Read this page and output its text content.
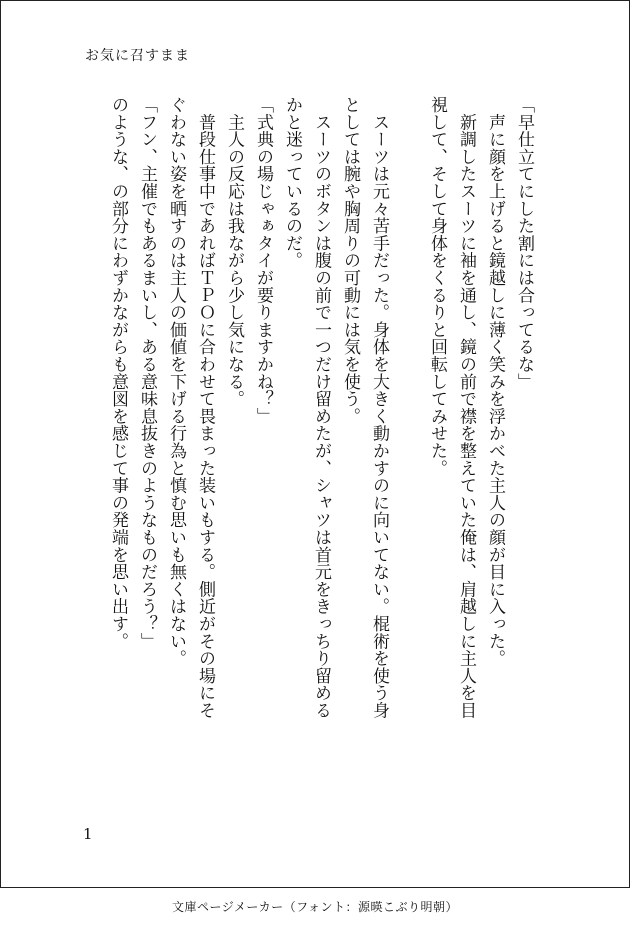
お気に召すまま

「早仕立てにした割には合ってるな」

　声に顔を上げると鏡越しに薄く笑みを浮かべた主人の顔が目に入った。

　新調したスーツに袖を通し、鏡の前で襟を整えていた俺は、肩越しに主人を目

視して、そして身体をくるりと回転してみせた。

　スーツは元々苦手だった。身体を大きく動かすのに向いてない。棍術を使う身

としては腕や胸周りの可動には気を使う。

　スーツのボタンは腹の前で一つだけ留めたが、シャツは首元をきっちり留める

かと迷っているのだ。

「式典の場じゃぁタイが要りますかね？」

　主人の反応は我ながら少し気になる。

　普段仕事中であればＴＰＯに合わせて畏まった装いもする。側近がその場にそ

ぐわない姿を晒すのは主人の価値を下げる行為と慎む思いも無くはない。

「フン、主催でもあるまいし、ある意味息抜きのようなものだろう？」

のような、の部分にわずかながらも意図を感じて事の発端を思い出す。

1
文庫ページメーカー（フォント：源暎こぶり明朝）
